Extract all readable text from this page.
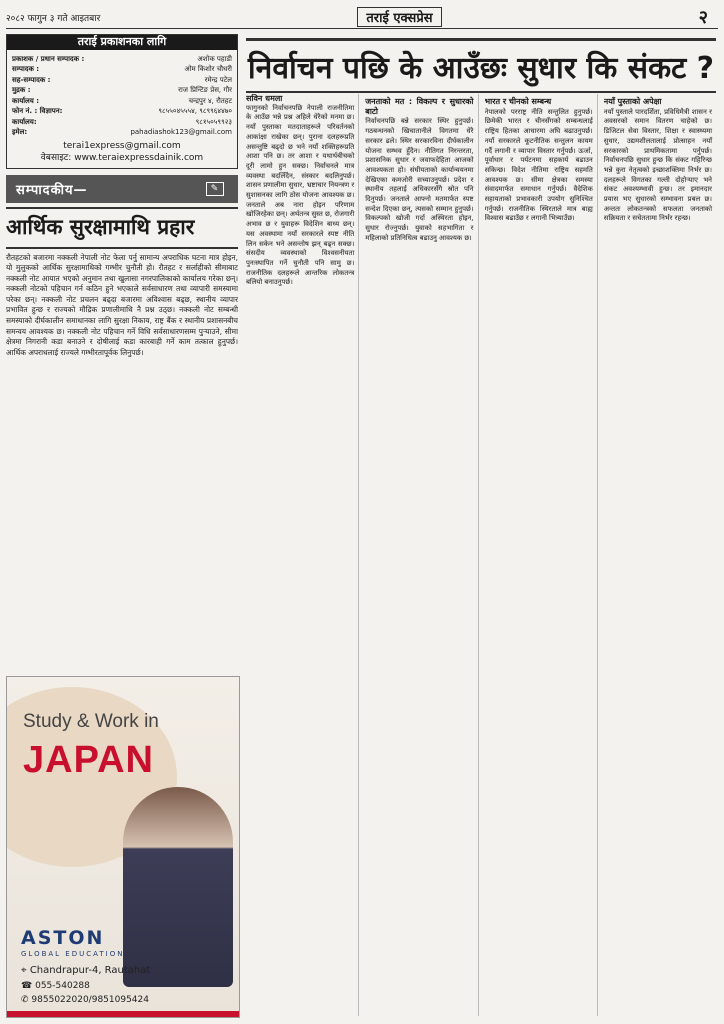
२०८२ फागुन ३ गते आइतबार	तराई एक्सप्रेस	२
तराई प्रकाशनका लागि
प्रकाशक / प्रधान सम्पादक :	अशोक पहाडी
सम्पादक :	ओम किशोर चौधरी
सह-सम्पादक :	रमेन्द्र पटेल
मुद्रक :	राज प्रिन्टिङ प्रेस, गौर
कार्यालय :	चन्द्रपुर ४, रौतहट
फोन नं. : विज्ञापन:	९८५५०४५५५४, ९८९९६४४७०
कार्यालय:	९८१५०५९९२३
इमेल:	pahadiashok123@gmail.com
terai1express@gmail.com
वेबसाइट: www.teraiexpressdainik.com
सम्पादकीय—	✎
आर्थिक सुरक्षामाथि प्रहार
रौतहटको बजारमा नक्कली नेपाली नोट फेला पर्नु सामान्य अपराधिक घटना मात्र होइन, यो मुलुकको आर्थिक सुरक्षामाथिको गम्भीर चुनौती हो। रौतहट र सर्लाहीको सीमाबाट नक्कली नोट आयात भएको अनुमान तथा खुलासा नगरपालिकाको कार्यालय गरेका छन्। नक्कली नोटको पहिचान गर्न कठिन हुने भएकाले सर्वसाधारण तथा व्यापारी समस्यामा परेका छन्। नक्कली नोट प्रचलन बढ्दा बजारमा अविश्वास बढ्छ, स्थानीय व्यापार प्रभावित हुन्छ र राज्यको मौद्रिक प्रणालीमाथि नै प्रश्न उठ्छ। नक्कली नोट सम्बन्धी समस्याको दीर्घकालीन समाधानका लागि सुरक्षा निकाय, राष्ट्र बैंक र स्थानीय प्रशासनबीच समन्वय आवश्यक छ। नक्कली नोट पहिचान गर्ने विधि सर्वसाधारणसम्म पुर्‍याउने, सीमा क्षेत्रमा निगरानी कडा बनाउने र दोषीलाई कडा कारबाही गर्ने काम तत्काल हुनुपर्छ। आर्थिक अपराधलाई राज्यले गम्भीरतापूर्वक लिनुपर्छ।
Study & Work in
JAPAN
ASTON
GLOBAL EDUCATION
⌖ Chandrapur-4, Rautahat
☎ 055-540288
✆ 9855022020/9851095424
निर्वाचन पछि के आउँछः सुधार कि संकट ?
सविन धमला
फागुनको निर्वाचनपछि नेपाली राजनीतिमा के आउँछ भन्ने प्रश्न अहिले धेरैको मनमा छ। नयाँ पुस्ताका मतदाताहरूले परिवर्तनको आकांक्षा राखेका छन्। पुराना दलहरूप्रति असन्तुष्टि बढ्दो छ भने नयाँ शक्तिहरूप्रति आशा पनि छ। तर आशा र यथार्थबीचको दूरी लामो हुन सक्छ। निर्वाचनले मात्र व्यवस्था बदलिँदैन, संस्कार बदलिनुपर्छ। शासन प्रणालीमा सुधार, भ्रष्टाचार नियन्त्रण र सुशासनका लागि ठोस योजना आवश्यक छ। जनताले अब नारा होइन परिणाम खोजिरहेका छन्। अर्थतन्त्र सुस्त छ, रोजगारी अभाव छ र युवाहरू विदेशिन बाध्य छन्। यस अवस्थामा नयाँ सरकारले स्पष्ट नीति लिन सकेन भने असन्तोष झन् बढ्न सक्छ। संसदीय व्यवस्थाको विश्वसनीयता पुनःस्थापित गर्ने चुनौती पनि सामु छ। राजनीतिक दलहरूले आन्तरिक लोकतन्त्र बलियो बनाउनुपर्छ।
जनताको मत : विकल्प र सुधारको बाटो
निर्वाचनपछि बन्ने सरकार स्थिर हुनुपर्छ। गठबन्धनको खिचातानीले विगतमा धेरै सरकार ढले। स्थिर सरकारविना दीर्घकालीन योजना सम्भव हुँदैन। नीतिगत निरन्तरता, प्रशासनिक सुधार र जवाफदेहिता आजको आवश्यकता हो। संघीयताको कार्यान्वयनमा देखिएका कमजोरी सच्याउनुपर्छ। प्रदेश र स्थानीय तहलाई अधिकारसँगै स्रोत पनि दिनुपर्छ। जनताले आफ्नो मतमार्फत स्पष्ट सन्देश दिएका छन्, त्यसको सम्मान हुनुपर्छ। विकल्पको खोजी गर्दा अस्थिरता होइन, सुधार रोज्नुपर्छ। युवाको सहभागिता र महिलाको प्रतिनिधित्व बढाउनु आवश्यक छ।
भारत र चीनको सम्बन्ध
नेपालको परराष्ट्र नीति सन्तुलित हुनुपर्छ। छिमेकी भारत र चीनसँगको सम्बन्धलाई राष्ट्रिय हितका आधारमा अघि बढाउनुपर्छ। नयाँ सरकारले कूटनीतिक सन्तुलन कायम गर्दै लगानी र व्यापार विस्तार गर्नुपर्छ। ऊर्जा, पूर्वाधार र पर्यटनमा सहकार्य बढाउन सकिन्छ। विदेश नीतिमा राष्ट्रिय सहमति आवश्यक छ। सीमा क्षेत्रका समस्या संवादमार्फत समाधान गर्नुपर्छ। वैदेशिक सहायताको प्रभावकारी उपयोग सुनिश्चित गर्नुपर्छ। राजनीतिक स्थिरताले मात्र बाह्य विश्वास बढाउँछ र लगानी भित्र्याउँछ।
नयाँ पुस्ताको अपेक्षा
नयाँ पुस्ताले पारदर्शिता, प्रविधिमैत्री शासन र अवसरको समान वितरण चाहेको छ। डिजिटल सेवा विस्तार, शिक्षा र स्वास्थ्यमा सुधार, उद्यमशीलतालाई प्रोत्साहन नयाँ सरकारको प्राथमिकतामा पर्नुपर्छ। निर्वाचनपछि सुधार हुन्छ कि संकट गहिरिन्छ भन्ने कुरा नेतृत्वको इच्छाशक्तिमा निर्भर छ। दलहरूले विगतका गल्ती दोहोर्‍याए भने संकट अवश्यम्भावी हुन्छ। तर इमानदार प्रयास भए सुधारको सम्भावना प्रबल छ। अन्ततः लोकतन्त्रको सफलता जनताको सक्रियता र सचेततामा निर्भर रहन्छ।
